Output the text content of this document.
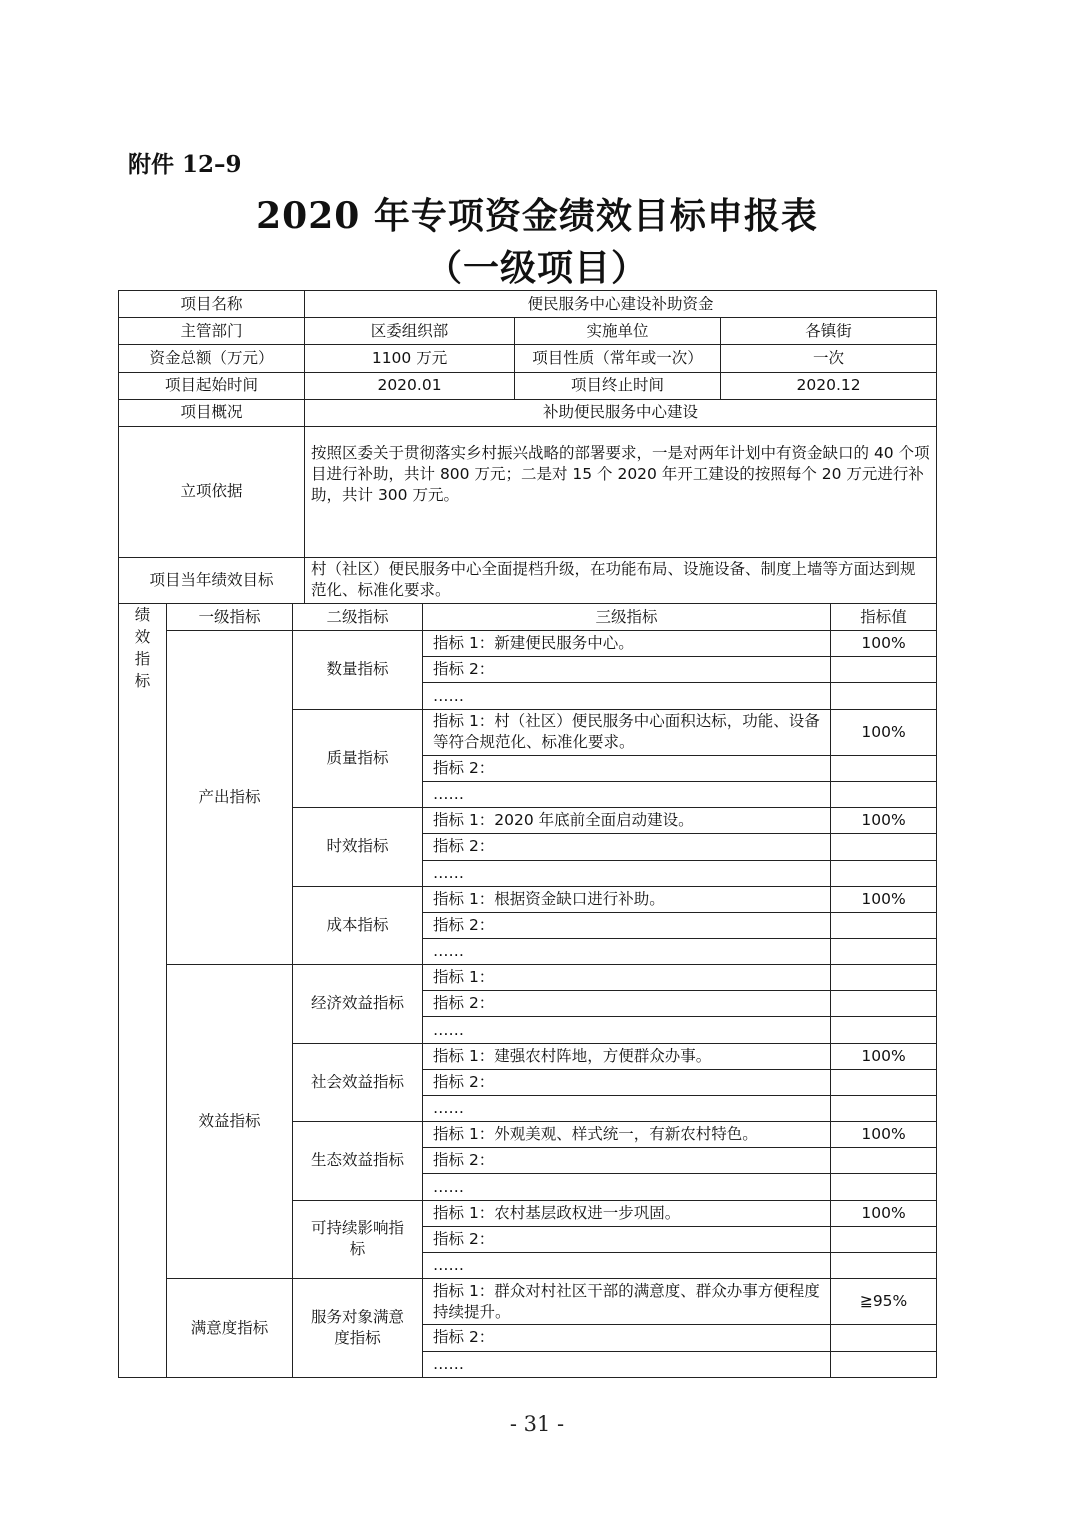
附件 12–9
2020 年专项资金绩效目标申报表
（一级项目）
项目名称			便民服务中心建设补助资金				
主管部门			区委组织部		实施单位	各镇街	
资金总额（万元）			1100 万元		项目性质（常年或一次）	一次	
项目起始时间			2020.01		项目终止时间	2020.12	
项目概况			补助便民服务中心建设				
立项依据			按照区委关于贯彻落实乡村振兴战略的部署要求，一是对两年计划中有资金缺口的 40 个项目进行补助，共计 800 万元；二是对 15 个 2020 年开工建设的按照每个 20 万元进行补助，共计 300 万元。				
项目当年绩效目标			村（社区）便民服务中心全面提档升级，在功能布局、设施设备、制度上墙等方面达到规范化、标准化要求。				

绩
效
指
标	一级指标	二级指标		三级指标			指标值
	产出指标	数量指标		指标 1：新建便民服务中心。			100%
				指标 2：			
				……			
		质量指标		指标 1：村（社区）便民服务中心面积达标，功能、设备等符合规范化、标准化要求。			100%
				指标 2：			
				……			
		时效指标		指标 1：2020 年底前全面启动建设。			100%
				指标 2：			
				……			
		成本指标		指标 1：根据资金缺口进行补助。			100%
				指标 2：			
				……			
	效益指标	经济效益指标		指标 1：			
				指标 2：			
				……			
		社会效益指标		指标 1：建强农村阵地，方便群众办事。			100%
				指标 2：			
				……			
		生态效益指标		指标 1：外观美观、样式统一，有新农村特色。			100%
				指标 2：			
				……			
		可持续影响指标		指标 1：农村基层政权进一步巩固。			100%
				指标 2：			
				……			
	满意度指标	服务对象满意度指标		指标 1：群众对村社区干部的满意度、群众办事方便程度持续提升。			≧95%
				指标 2：			
				……			
- 31 -
